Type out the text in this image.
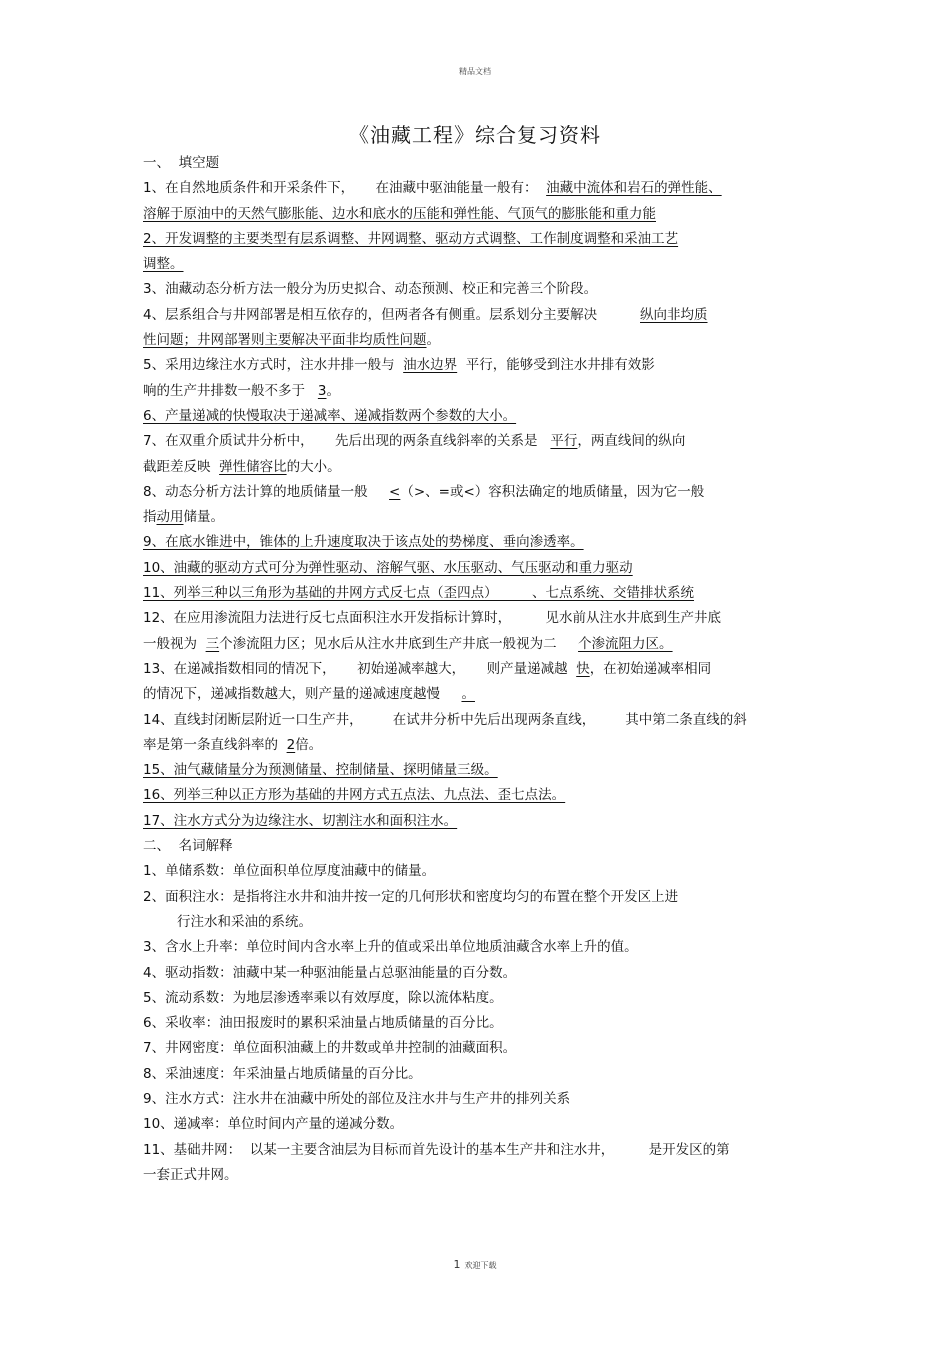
精品文档
《油藏工程》综合复习资料

一、  填空题

1、在自然地质条件和开采条件下，     在油藏中驱油能量一般有：  油藏中流体和岩石的弹性能、

溶解于原油中的天然气膨胀能、边水和底水的压能和弹性能、气顶气的膨胀能和重力能

2、开发调整的主要类型有层系调整、井网调整、驱动方式调整、工作制度调整和采油工艺

调整。

3、油藏动态分析方法一般分为历史拟合、动态预测、校正和完善三个阶段。

4、层系组合与井网部署是相互依存的，但两者各有侧重。层系划分主要解决          纵向非均质

性问题；井网部署则主要解决平面非均质性问题。

5、采用边缘注水方式时，注水井排一般与  油水边界  平行，能够受到注水井排有效影

响的生产井排数一般不多于   3。

6、产量递减的快慢取决于递减率、递减指数两个参数的大小。

7、在双重介质试井分析中，     先后出现的两条直线斜率的关系是   平行，两直线间的纵向

截距差反映  弹性储容比的大小。

8、动态分析方法计算的地质储量一般     <（>、=或<）容积法确定的地质储量，因为它一般

指动用储量。

9、在底水锥进中，锥体的上升速度取决于该点处的势梯度、垂向渗透率。

10、油藏的驱动方式可分为弹性驱动、溶解气驱、水压驱动、气压驱动和重力驱动

11、列举三种以三角形为基础的井网方式反七点（歪四点）        、七点系统、交错排状系统

12、在应用渗流阻力法进行反七点面积注水开发指标计算时，        见水前从注水井底到生产井底

一般视为  三个渗流阻力区；见水后从注水井底到生产井底一般视为二     个渗流阻力区。

13、在递减指数相同的情况下，     初始递减率越大，     则产量递减越  快，在初始递减率相同

的情况下，递减指数越大，则产量的递减速度越慢     。

14、直线封闭断层附近一口生产井，       在试井分析中先后出现两条直线，       其中第二条直线的斜

率是第一条直线斜率的  2倍。

15、油气藏储量分为预测储量、控制储量、探明储量三级。

16、列举三种以正方形为基础的井网方式五点法、九点法、歪七点法。

17、注水方式分为边缘注水、切割注水和面积注水。

二、  名词解释

1、单储系数：单位面积单位厚度油藏中的储量。

2、面积注水：是指将注水井和油井按一定的几何形状和密度均匀的布置在整个开发区上进

行注水和采油的系统。

3、含水上升率：单位时间内含水率上升的值或采出单位地质油藏含水率上升的值。

4、驱动指数：油藏中某一种驱油能量占总驱油能量的百分数。

5、流动系数：为地层渗透率乘以有效厚度，除以流体粘度。

6、采收率：油田报废时的累积采油量占地质储量的百分比。

7、井网密度：单位面积油藏上的井数或单井控制的油藏面积。

8、采油速度：年采油量占地质储量的百分比。

9、注水方式：注水井在油藏中所处的部位及注水井与生产井的排列关系

10、递减率：单位时间内产量的递减分数。

11、基础井网：  以某一主要含油层为目标而首先设计的基本生产井和注水井，        是开发区的第

一套正式井网。

1 欢迎下载
